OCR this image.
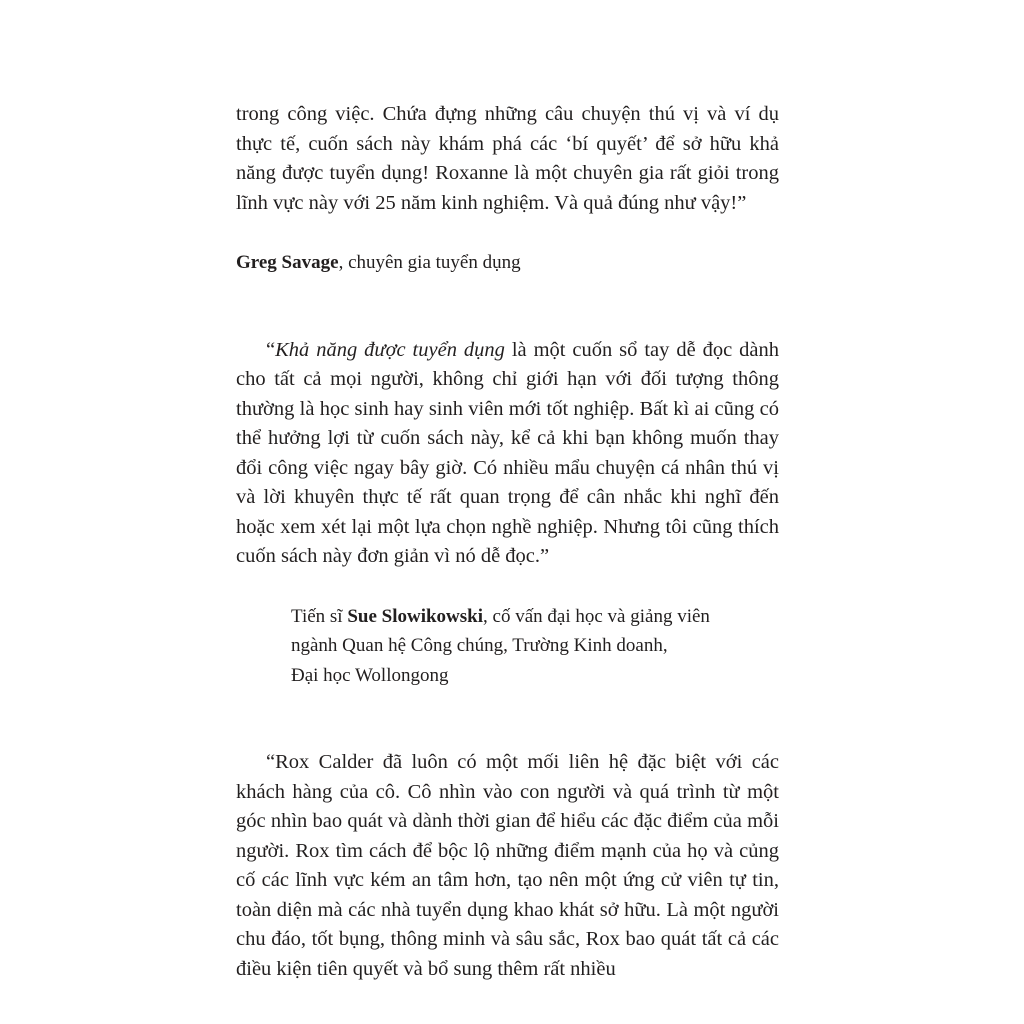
trong công việc. Chứa đựng những câu chuyện thú vị và ví dụ thực tế, cuốn sách này khám phá các ‘bí quyết’ để sở hữu khả năng được tuyển dụng! Roxanne là một chuyên gia rất giỏi trong lĩnh vực này với 25 năm kinh nghiệm. Và quả đúng như vậy!”

Greg Savage, chuyên gia tuyển dụng

“Khả năng được tuyển dụng là một cuốn sổ tay dễ đọc dành cho tất cả mọi người, không chỉ giới hạn với đối tượng thông thường là học sinh hay sinh viên mới tốt nghiệp. Bất kì ai cũng có thể hưởng lợi từ cuốn sách này, kể cả khi bạn không muốn thay đổi công việc ngay bây giờ. Có nhiều mẩu chuyện cá nhân thú vị và lời khuyên thực tế rất quan trọng để cân nhắc khi nghĩ đến hoặc xem xét lại một lựa chọn nghề nghiệp. Nhưng tôi cũng thích cuốn sách này đơn giản vì nó dễ đọc.”

Tiến sĩ Sue Slowikowski, cố vấn đại học và giảng viên
ngành Quan hệ Công chúng, Trường Kinh doanh,
Đại học Wollongong

“Rox Calder đã luôn có một mối liên hệ đặc biệt với các khách hàng của cô. Cô nhìn vào con người và quá trình từ một góc nhìn bao quát và dành thời gian để hiểu các đặc điểm của mỗi người. Rox tìm cách để bộc lộ những điểm mạnh của họ và củng cố các lĩnh vực kém an tâm hơn, tạo nên một ứng cử viên tự tin, toàn diện mà các nhà tuyển dụng khao khát sở hữu. Là một người chu đáo, tốt bụng, thông minh và sâu sắc, Rox bao quát tất cả các điều kiện tiên quyết và bổ sung thêm rất nhiều
